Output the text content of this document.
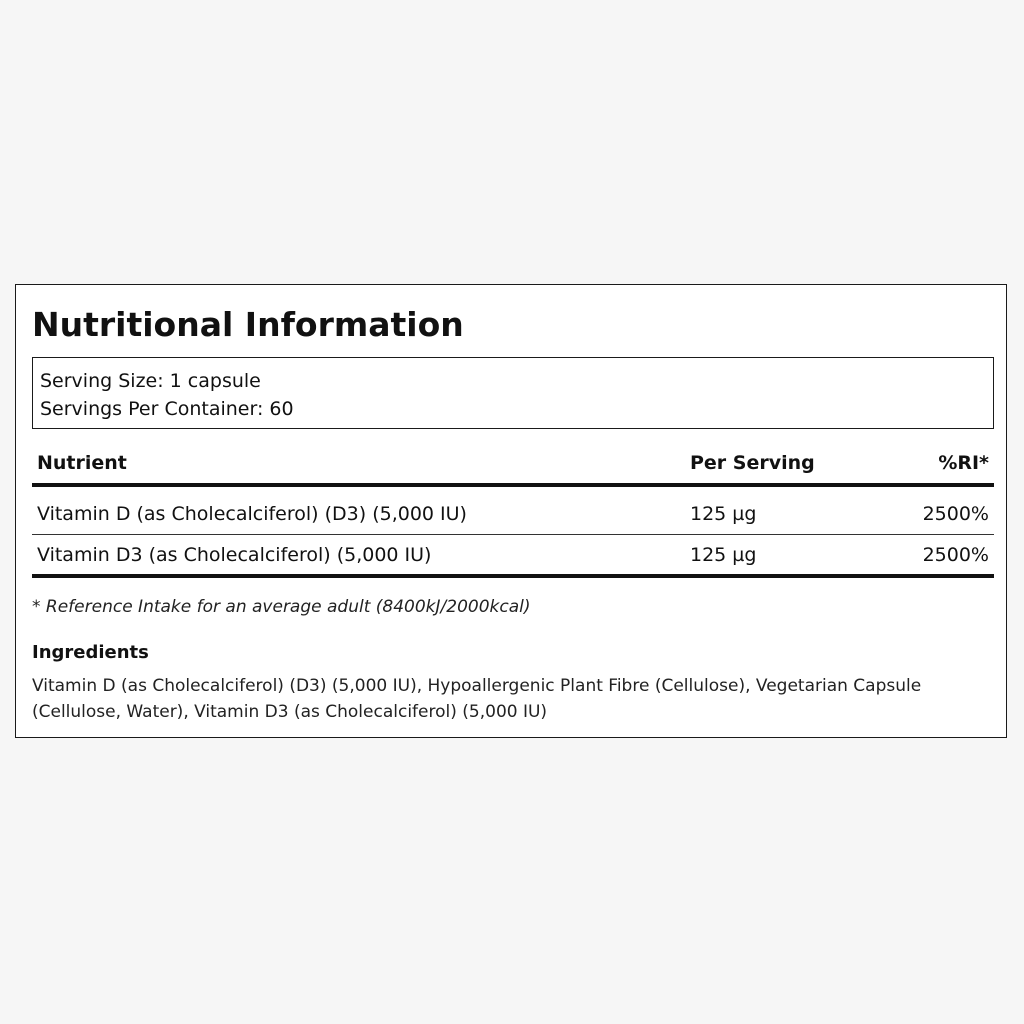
Nutritional Information
Serving Size: 1 capsule
Servings Per Container: 60
Nutrient	Per Serving	%RI*
Vitamin D (as Cholecalciferol) (D3) (5,000 IU)	125 µg	2500%
Vitamin D3 (as Cholecalciferol) (5,000 IU)	125 µg	2500%
* Reference Intake for an average adult (8400kJ/2000kcal)
Ingredients
Vitamin D (as Cholecalciferol) (D3) (5,000 IU), Hypoallergenic Plant Fibre (Cellulose), Vegetarian Capsule (Cellulose, Water), Vitamin D3 (as Cholecalciferol) (5,000 IU)
